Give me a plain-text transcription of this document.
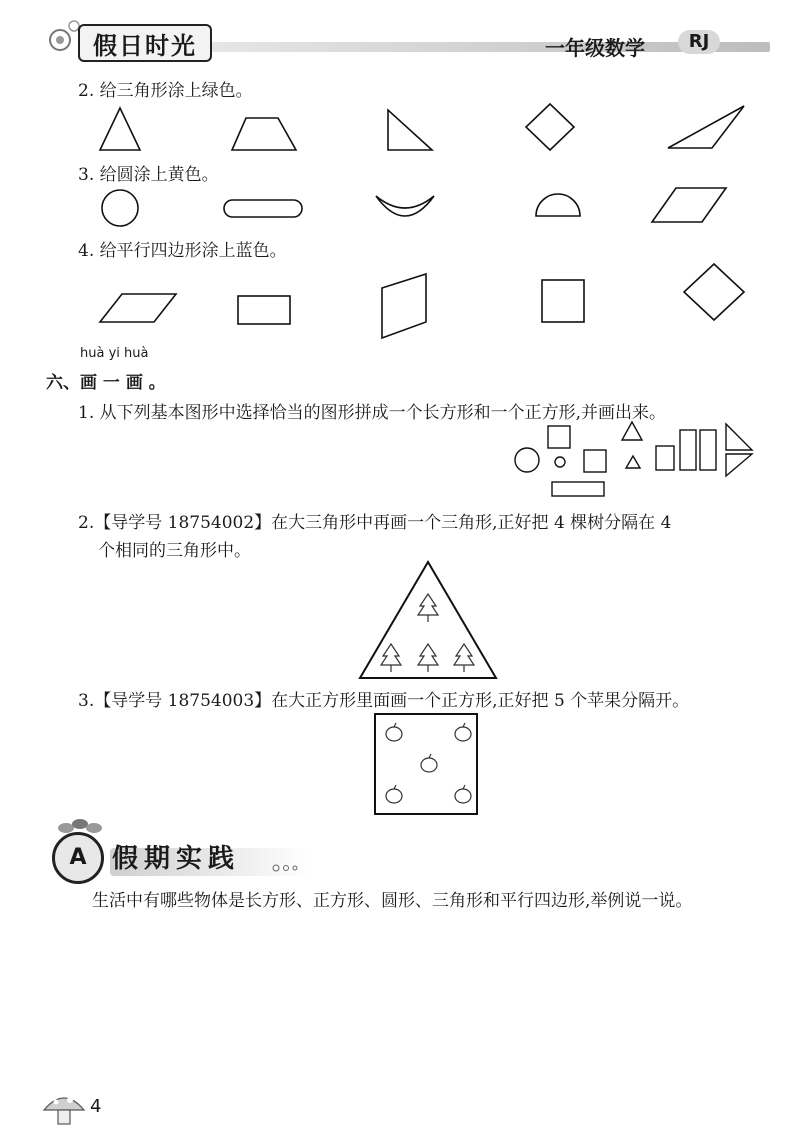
假日时光	一年级数学	RJ
2. 给三角形涂上绿色。
3. 给圆涂上黄色。
4. 给平行四边形涂上蓝色。
huà yi huà
六、画 一 画 。
1. 从下列基本图形中选择恰当的图形拼成一个长方形和一个正方形,并画出来。
2.【导学号 18754002】在大三角形中再画一个三角形,正好把 4 棵树分隔在 4
个相同的三角形中。
3.【导学号 18754003】在大正方形里面画一个正方形,正好把 5 个苹果分隔开。
A 假期实践
生活中有哪些物体是长方形、正方形、圆形、三角形和平行四边形,举例说一说。
4
